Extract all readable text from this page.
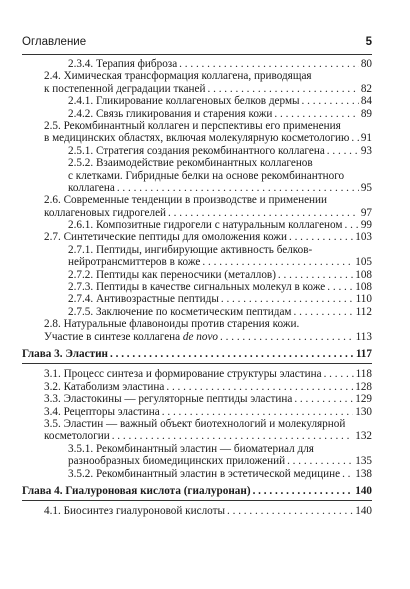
Оглавление	5
2.3.4. Терапия фиброза . . .	80
2.4. Химическая трансформация коллагена, приводящая
к постепенной деградации тканей . . .	82
2.4.1. Гликирование коллагеновых белков дермы . . .	84
2.4.2. Связь гликирования и старения кожи . . .	89
2.5. Рекомбинантный коллаген и перспективы его применения
в медицинских областях, включая молекулярную косметологию . . . 91
2.5.1. Стратегия создания рекомбинантного коллагена . . .	93
2.5.2. Взаимодействие рекомбинантных коллагенов
с клетками. Гибридные белки на основе рекомбинантного
коллагена . . .	95
2.6. Современные тенденции в производстве и применении
коллагеновых гидрогелей . . .	97
2.6.1. Композитные гидрогели с натуральным коллагеном . . . 99
2.7. Синтетические пептиды для омоложения кожи . . .	103
2.7.1. Пептиды, ингибирующие активность белков-
нейротрансмиттеров в коже . . .	105
2.7.2. Пептиды как переносчики (металлов) . . .	108
2.7.3. Пептиды в качестве сигнальных молекул в коже . . .	108
2.7.4. Антивозрастные пептиды . . .	110
2.7.5. Заключение по косметическим пептидам . . .	112
2.8. Натуральные флавоноиды против старения кожи.
Участие в синтезе коллагена de novo . . .	113
Глава 3. Эластин . . .	117
3.1. Процесс синтеза и формирование структуры эластина . . .	118
3.2. Катаболизм эластина . . .	128
3.3. Эластокины — регуляторные пептиды эластина . . .	129
3.4. Рецепторы эластина . . .	130
3.5. Эластин — важный объект биотехнологий и молекулярной
косметологии . . .	132
3.5.1. Рекомбинантный эластин — биоматериал для
разнообразных биомедицинских приложений . . .	135
3.5.2. Рекомбинантный эластин в эстетической медицине . . . 138
Глава 4. Гиалуроновая кислота (гиалуронан) . . .	140
4.1. Биосинтез гиалуроновой кислоты . . .	140
